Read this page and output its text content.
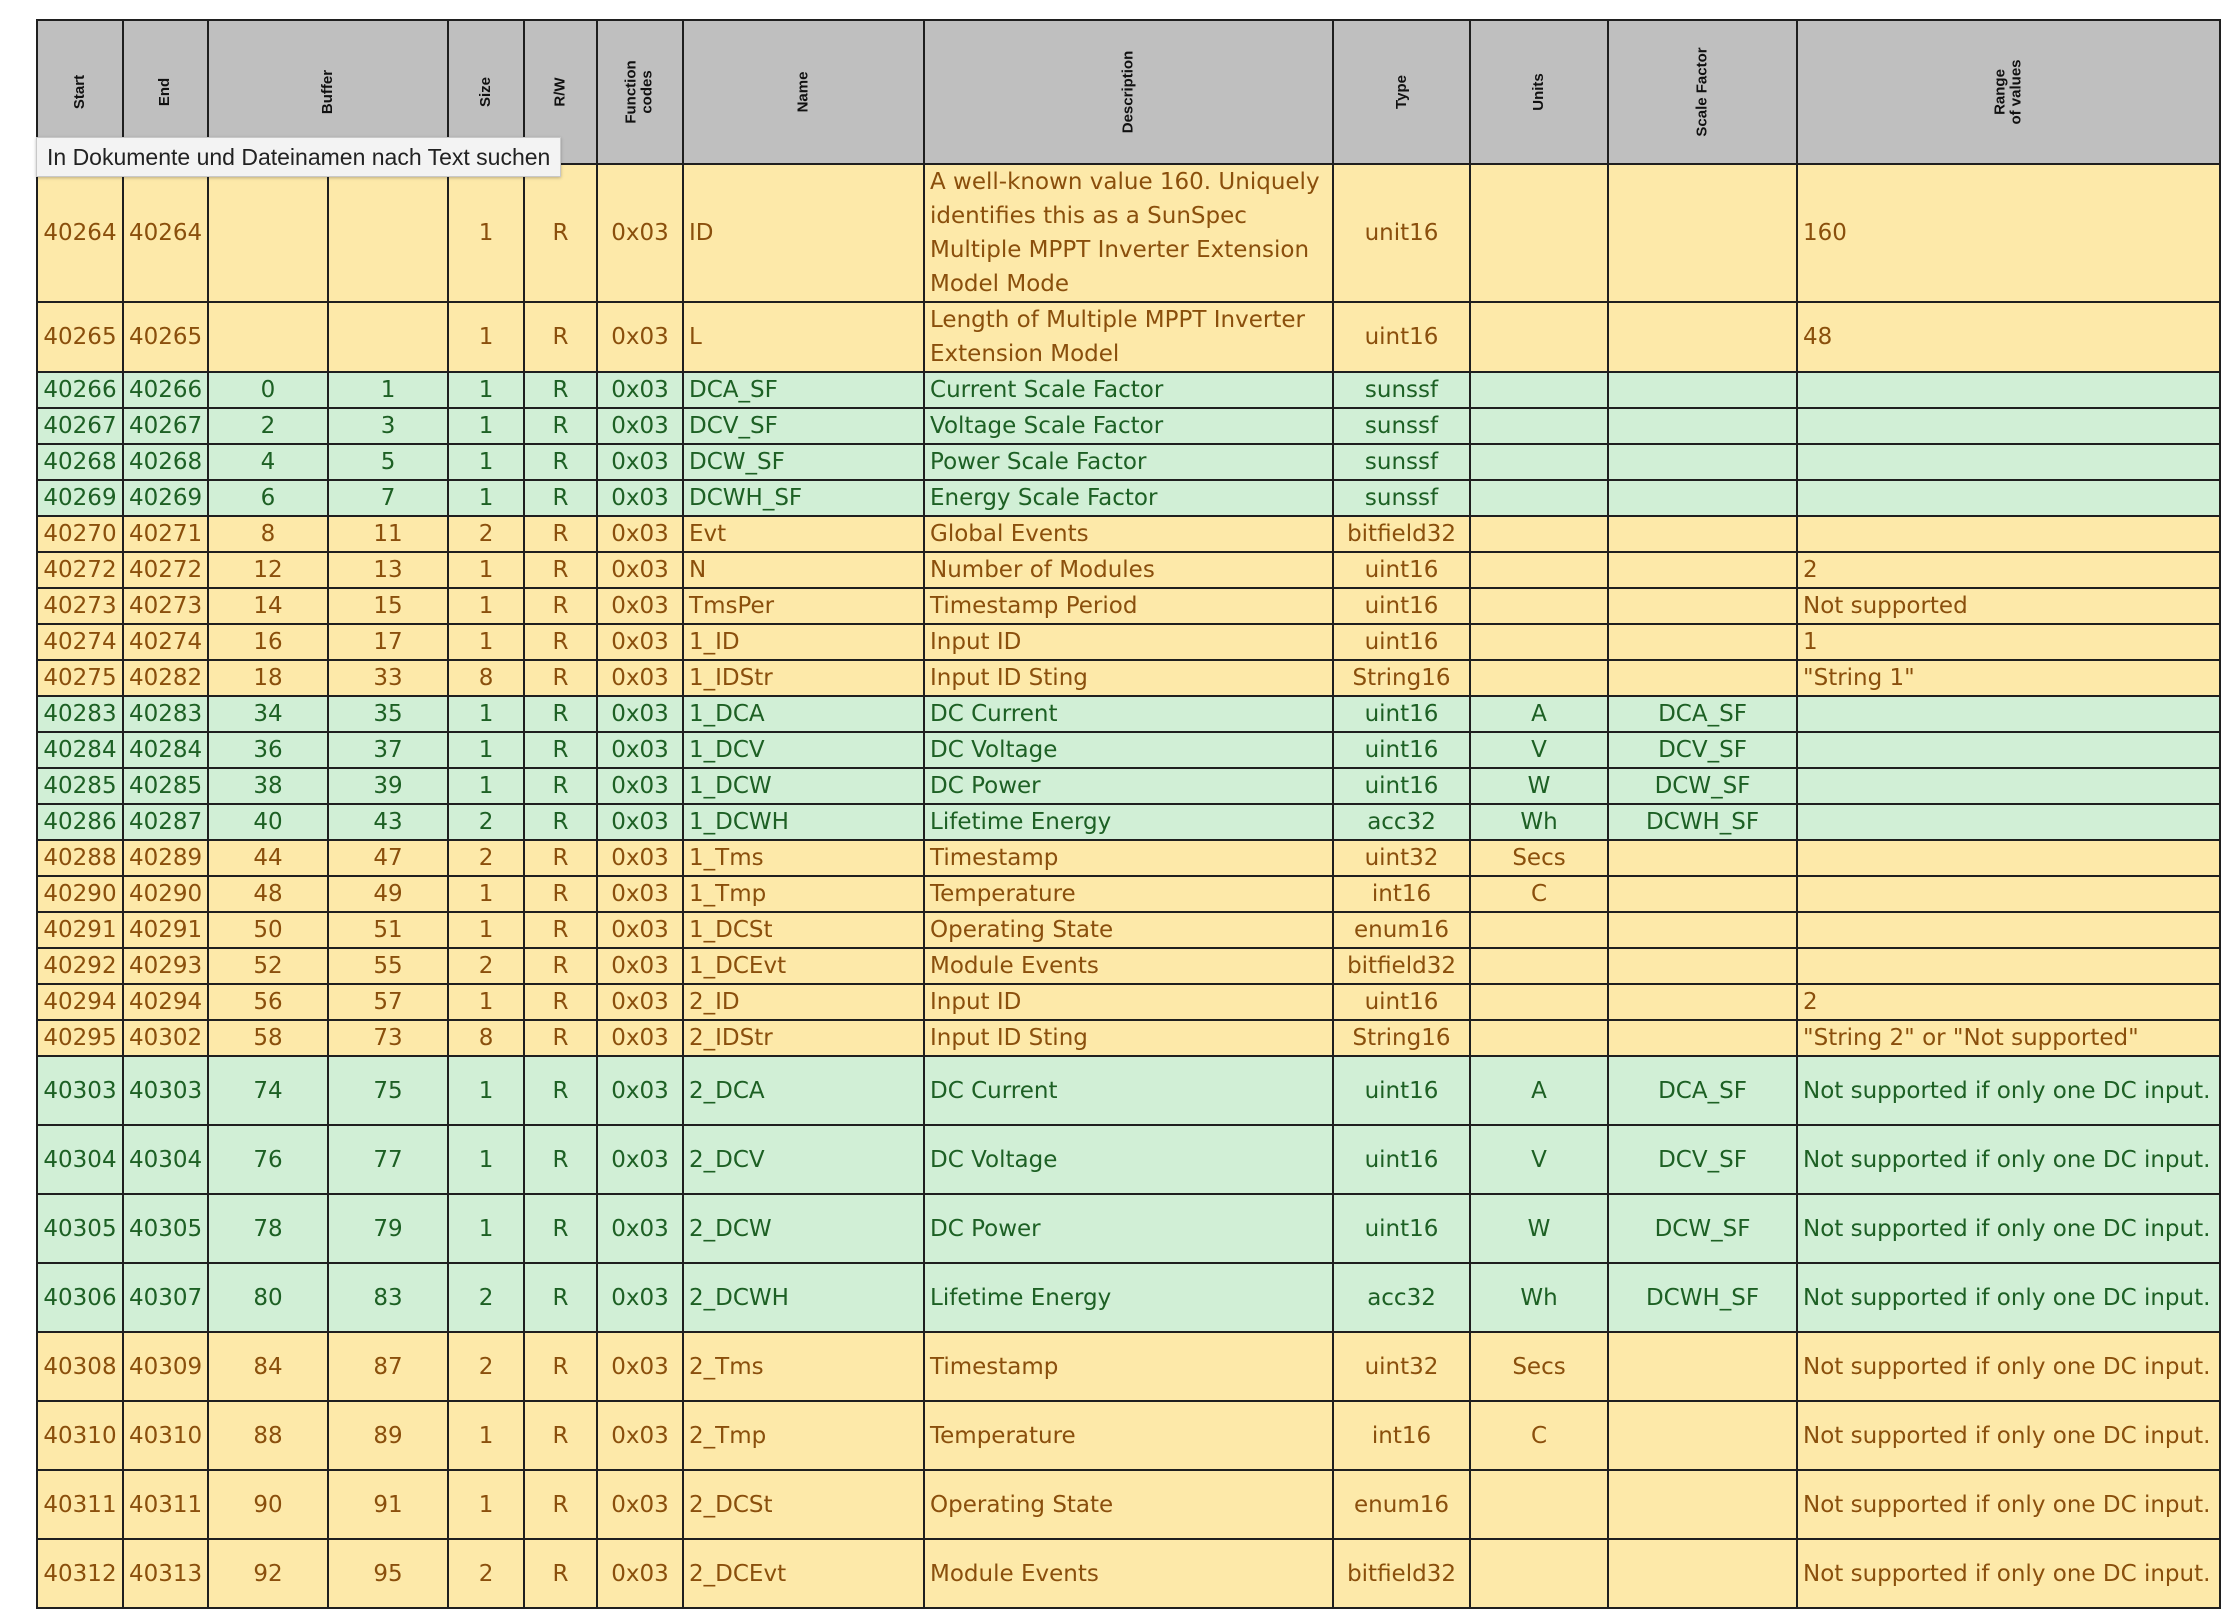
Start	End	Buffer		Size	R/W	Function
codes	Name	Description	Type	Units	Scale Factor	Range
of values
40264	40264			1	R	0x03	ID	A well-known value 160. Uniquely identifies this as a SunSpec Multiple MPPT Inverter Extension Model Mode	unit16			160
40265	40265			1	R	0x03	L	Length of Multiple MPPT Inverter Extension Model	uint16			48
40266	40266	0	1	1	R	0x03	DCA_SF	Current Scale Factor	sunssf			
40267	40267	2	3	1	R	0x03	DCV_SF	Voltage Scale Factor	sunssf			
40268	40268	4	5	1	R	0x03	DCW_SF	Power Scale Factor	sunssf			
40269	40269	6	7	1	R	0x03	DCWH_SF	Energy Scale Factor	sunssf			
40270	40271	8	11	2	R	0x03	Evt	Global Events	bitfield32			
40272	40272	12	13	1	R	0x03	N	Number of Modules	uint16			2
40273	40273	14	15	1	R	0x03	TmsPer	Timestamp Period	uint16			Not supported
40274	40274	16	17	1	R	0x03	1_ID	Input ID	uint16			1
40275	40282	18	33	8	R	0x03	1_IDStr	Input ID Sting	String16			"String 1"
40283	40283	34	35	1	R	0x03	1_DCA	DC Current	uint16	A	DCA_SF	
40284	40284	36	37	1	R	0x03	1_DCV	DC Voltage	uint16	V	DCV_SF	
40285	40285	38	39	1	R	0x03	1_DCW	DC Power	uint16	W	DCW_SF	
40286	40287	40	43	2	R	0x03	1_DCWH	Lifetime Energy	acc32	Wh	DCWH_SF	
40288	40289	44	47	2	R	0x03	1_Tms	Timestamp	uint32	Secs		
40290	40290	48	49	1	R	0x03	1_Tmp	Temperature	int16	C		
40291	40291	50	51	1	R	0x03	1_DCSt	Operating State	enum16			
40292	40293	52	55	2	R	0x03	1_DCEvt	Module Events	bitfield32			
40294	40294	56	57	1	R	0x03	2_ID	Input ID	uint16			2
40295	40302	58	73	8	R	0x03	2_IDStr	Input ID Sting	String16			"String 2" or "Not supported"
40303	40303	74	75	1	R	0x03	2_DCA	DC Current	uint16	A	DCA_SF	Not supported if only one DC input.
40304	40304	76	77	1	R	0x03	2_DCV	DC Voltage	uint16	V	DCV_SF	Not supported if only one DC input.
40305	40305	78	79	1	R	0x03	2_DCW	DC Power	uint16	W	DCW_SF	Not supported if only one DC input.
40306	40307	80	83	2	R	0x03	2_DCWH	Lifetime Energy	acc32	Wh	DCWH_SF	Not supported if only one DC input.
40308	40309	84	87	2	R	0x03	2_Tms	Timestamp	uint32	Secs		Not supported if only one DC input.
40310	40310	88	89	1	R	0x03	2_Tmp	Temperature	int16	C		Not supported if only one DC input.
40311	40311	90	91	1	R	0x03	2_DCSt	Operating State	enum16			Not supported if only one DC input.
40312	40313	92	95	2	R	0x03	2_DCEvt	Module Events	bitfield32			Not supported if only one DC input.
In Dokumente und Dateinamen nach Text suchen
